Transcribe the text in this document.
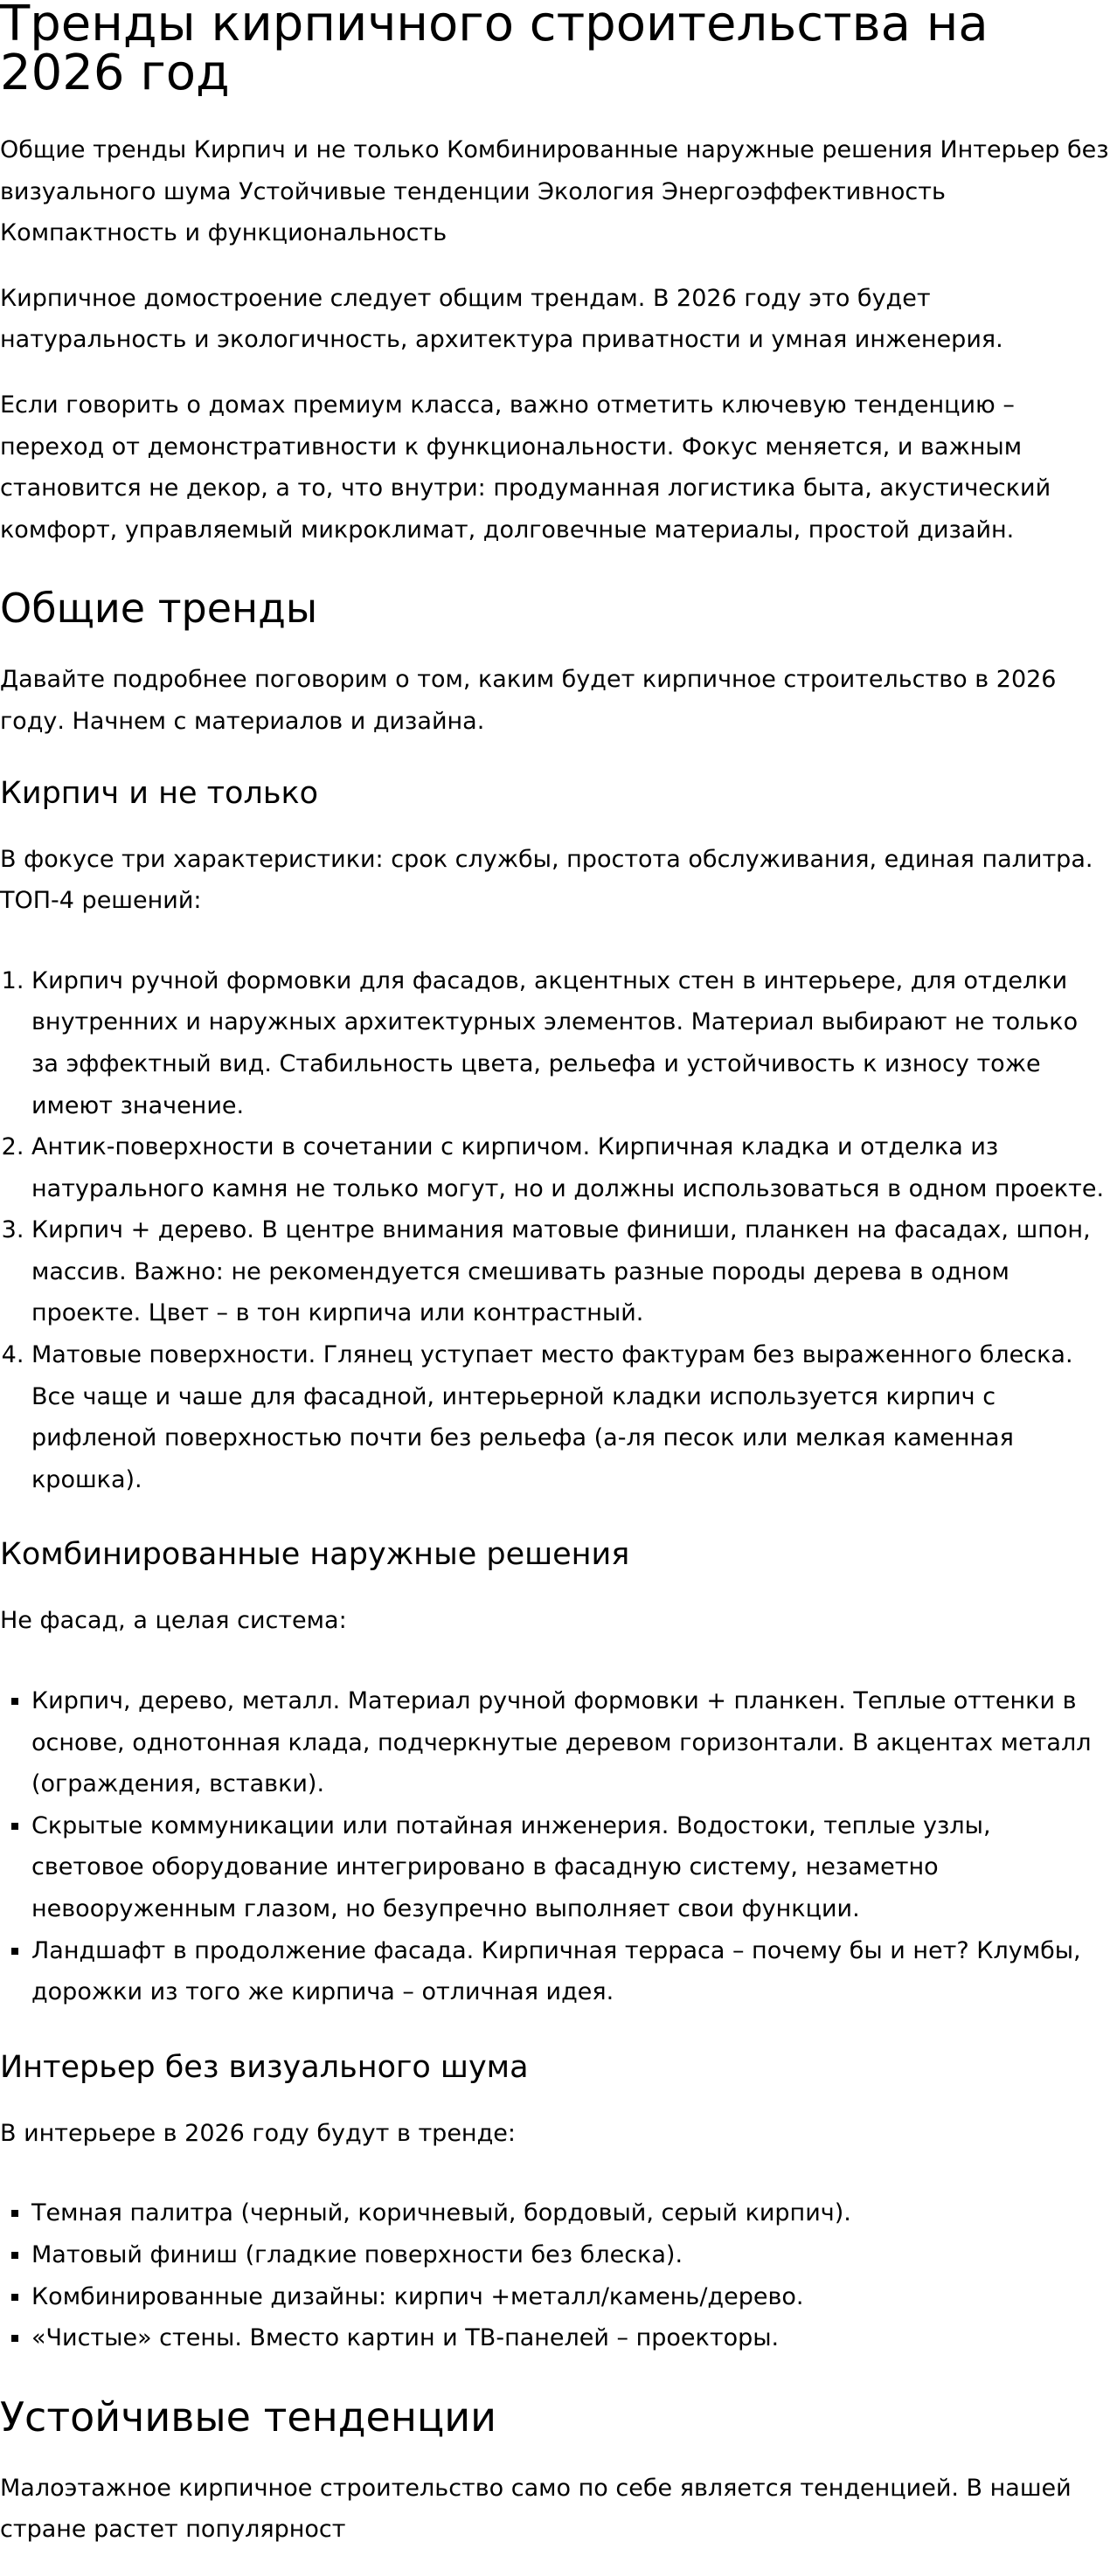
Тренды кирпичного строительства на 2026 год

Общие тренды Кирпич и не только Комбинированные наружные решения Интерьер без визуального шума Устойчивые тенденции Экология Энергоэффективность Компактность и функциональность

Кирпичное домостроение следует общим трендам. В 2026 году это будет натуральность и экологичность, архитектура приватности и умная инженерия.

Если говорить о домах премиум класса, важно отметить ключевую тенденцию – переход от демонстративности к функциональности. Фокус меняется, и важным становится не декор, а то, что внутри: продуманная логистика быта, акустический комфорт, управляемый микроклимат, долговечные материалы, простой дизайн.

Общие тренды

Давайте подробнее поговорим о том, каким будет кирпичное строительство в 2026 году. Начнем с материалов и дизайна.

Кирпич и не только

В фокусе три характеристики: срок службы, простота обслуживания, единая палитра. ТОП-4 решений:

1. Кирпич ручной формовки для фасадов, акцентных стен в интерьере, для отделки внутренних и наружных архитектурных элементов. Материал выбирают не только за эффектный вид. Стабильность цвета, рельефа и устойчивость к износу тоже имеют значение.
2. Антик-поверхности в сочетании с кирпичом. Кирпичная кладка и отделка из натурального камня не только могут, но и должны использоваться в одном проекте.
3. Кирпич + дерево. В центре внимания матовые финиши, планкен на фасадах, шпон, массив. Важно: не рекомендуется смешивать разные породы дерева в одном проекте. Цвет – в тон кирпича или контрастный.
4. Матовые поверхности. Глянец уступает место фактурам без выраженного блеска. Все чаще и чаше для фасадной, интерьерной кладки используется кирпич с рифленой поверхностью почти без рельефа (а-ля песок или мелкая каменная крошка).
Комбинированные наружные решения

Не фасад, а целая система:

▪ Кирпич, дерево, металл. Материал ручной формовки + планкен. Теплые оттенки в основе, однотонная клада, подчеркнутые деревом горизонтали. В акцентах металл (ограждения, вставки).
▪ Скрытые коммуникации или потайная инженерия. Водостоки, теплые узлы, световое оборудование интегрировано в фасадную систему, незаметно невооруженным глазом, но безупречно выполняет свои функции.
▪ Ландшафт в продолжение фасада. Кирпичная терраса – почему бы и нет? Клумбы, дорожки из того же кирпича – отличная идея.
Интерьер без визуального шума

В интерьере в 2026 году будут в тренде:

▪ Темная палитра (черный, коричневый, бордовый, серый кирпич).
▪ Матовый финиш (гладкие поверхности без блеска).
▪ Комбинированные дизайны: кирпич +металл/камень/дерево.
▪ «Чистые» стены. Вместо картин и ТВ-панелей – проекторы.
Устойчивые тенденции

Малоэтажное кирпичное строительство само по себе является тенденцией. В нашей стране растет популярност
